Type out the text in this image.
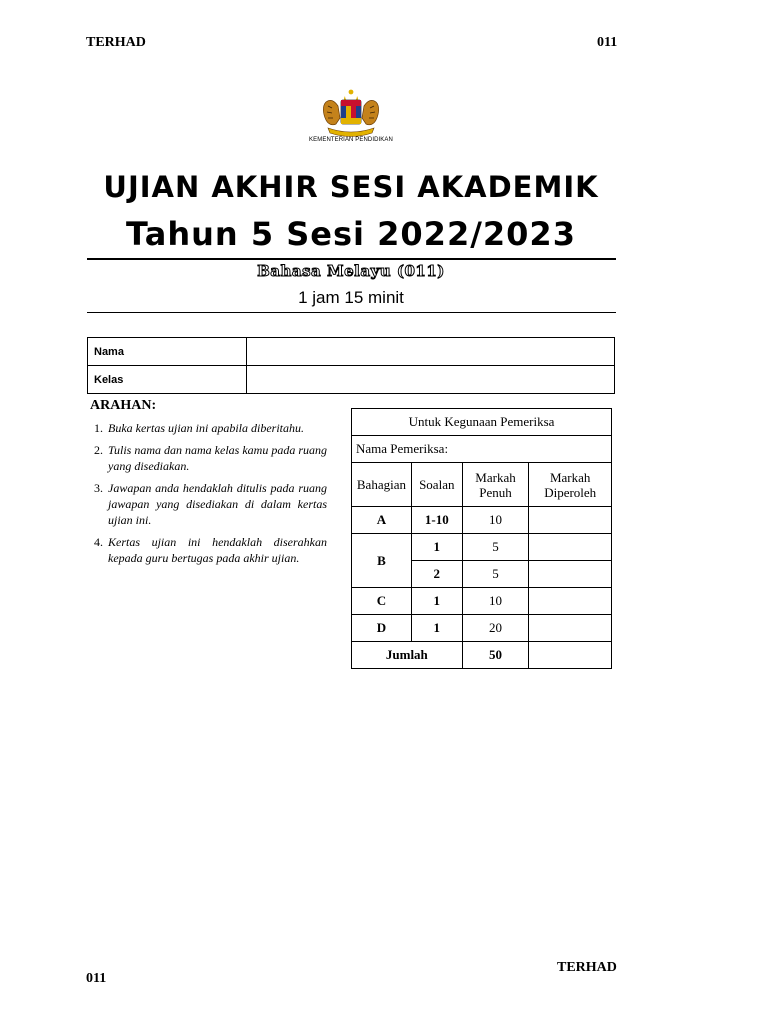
TERHAD	011
KEMENTERIAN PENDIDIKAN
UJIAN AKHIR SESI AKADEMIK
Tahun 5 Sesi 2022/2023
Bahasa Melayu (011)
1 jam 15 minit
Nama	
Kelas	
ARAHAN:
1. Buka kertas ujian ini apabila diberitahu.
2. Tulis nama dan nama kelas kamu pada ruang yang disediakan.
3. Jawapan anda hendaklah ditulis pada ruang jawapan yang disediakan di dalam kertas ujian ini.
4. Kertas ujian ini hendaklah diserahkan kepada guru bertugas pada akhir ujian.
Untuk Kegunaan Pemeriksa			
Nama Pemeriksa:			
Bahagian	Soalan	Markah Penuh	Markah Diperoleh
A	1-10	10	
B	1	5	
	2	5	
C	1	10	
D	1	20	
Jumlah		50	
TERHAD
011
